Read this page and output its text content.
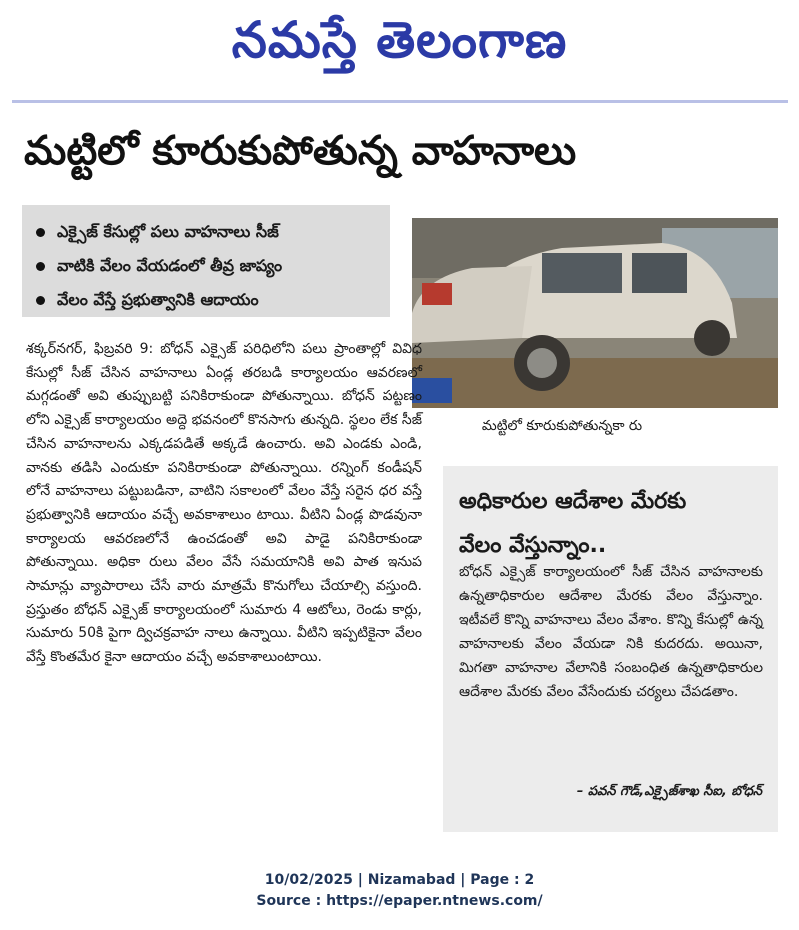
నమస్తే తెలంగాణ
మట్టిలో కూరుకుపోతున్న వాహనాలు
ఎక్సైజ్ కేసుల్లో పలు వాహనాలు సీజ్
వాటికి వేలం వేయడంలో తీవ్ర జాప్యం
వేలం వేస్తే ప్రభుత్వానికి ఆదాయం
మట్టిలో కూరుకుపోతున్నకా రు
శక్కర్‌నగర్, ఫిబ్రవరి 9: బోధన్ ఎక్సైజ్ పరిధిలోని పలు ప్రాంతాల్లో వివిధ కేసుల్లో సీజ్ చేసిన వాహనాలు ఏండ్ల తరబడి కార్యాలయం ఆవరణలో మగ్గడంతో అవి తుప్పుబట్టి పనికిరాకుండా పోతున్నాయి. బోధన్ పట్టణం లోని ఎక్సైజ్ కార్యాలయం అద్దె భవనంలో కొనసాగు తున్నది. స్థలం లేక సీజ్ చేసిన వాహనాలను ఎక్కడపడితే అక్కడే ఉంచారు. అవి ఎండకు ఎండి, వానకు తడిసి ఎందుకూ పనికిరాకుండా పోతున్నాయి. రన్నింగ్ కండీషన్ లోనే వాహనాలు పట్టుబడినా, వాటిని సకాలంలో వేలం వేస్తే సరైన ధర వస్తే ప్రభుత్వానికి ఆదాయం వచ్చే అవకాశాలుం టాయి. వీటిని ఏండ్ల పొడవునా కార్యాలయ ఆవరణలోనే ఉంచడంతో అవి పాడై పనికిరాకుండా పోతున్నాయి. అధికా రులు వేలం వేసే సమయానికి అవి పాత ఇనుప సామాన్లు వ్యాపారాలు చేసే వారు మాత్రమే కొనుగోలు చేయాల్సి వస్తుంది. ప్రస్తుతం బోధన్ ఎక్సైజ్ కార్యాలయంలో సుమారు 4 ఆటోలు, రెండు కార్లు, సుమారు 50కి పైగా ద్విచక్రవాహ నాలు ఉన్నాయి. వీటిని ఇప్పటికైనా వేలం వేస్తే కొంతమేర కైనా ఆదాయం వచ్చే అవకాశాలుంటాయి.
అధికారుల ఆదేశాల మేరకు
వేలం వేస్తున్నాం..
బోధన్ ఎక్సైజ్ కార్యాలయంలో సీజ్ చేసిన వాహనాలకు ఉన్నతాధికారుల ఆదేశాల మేరకు వేలం వేస్తున్నాం. ఇటీవలే కొన్ని వాహనాలు వేలం వేశాం. కొన్ని కేసుల్లో ఉన్న వాహనాలకు వేలం వేయడా నికి కుదరదు. అయినా, మిగతా వాహనాల వేలానికి సంబంధిత ఉన్నతాధికారుల ఆదేశాల మేరకు వేలం వేసేందుకు చర్యలు చేపడతాం.
– పవన్ గౌడ్,ఎక్సైజ్‌శాఖ సీఐ, బోధన్
10/02/2025 | Nizamabad | Page : 2
Source : https://epaper.ntnews.com/
